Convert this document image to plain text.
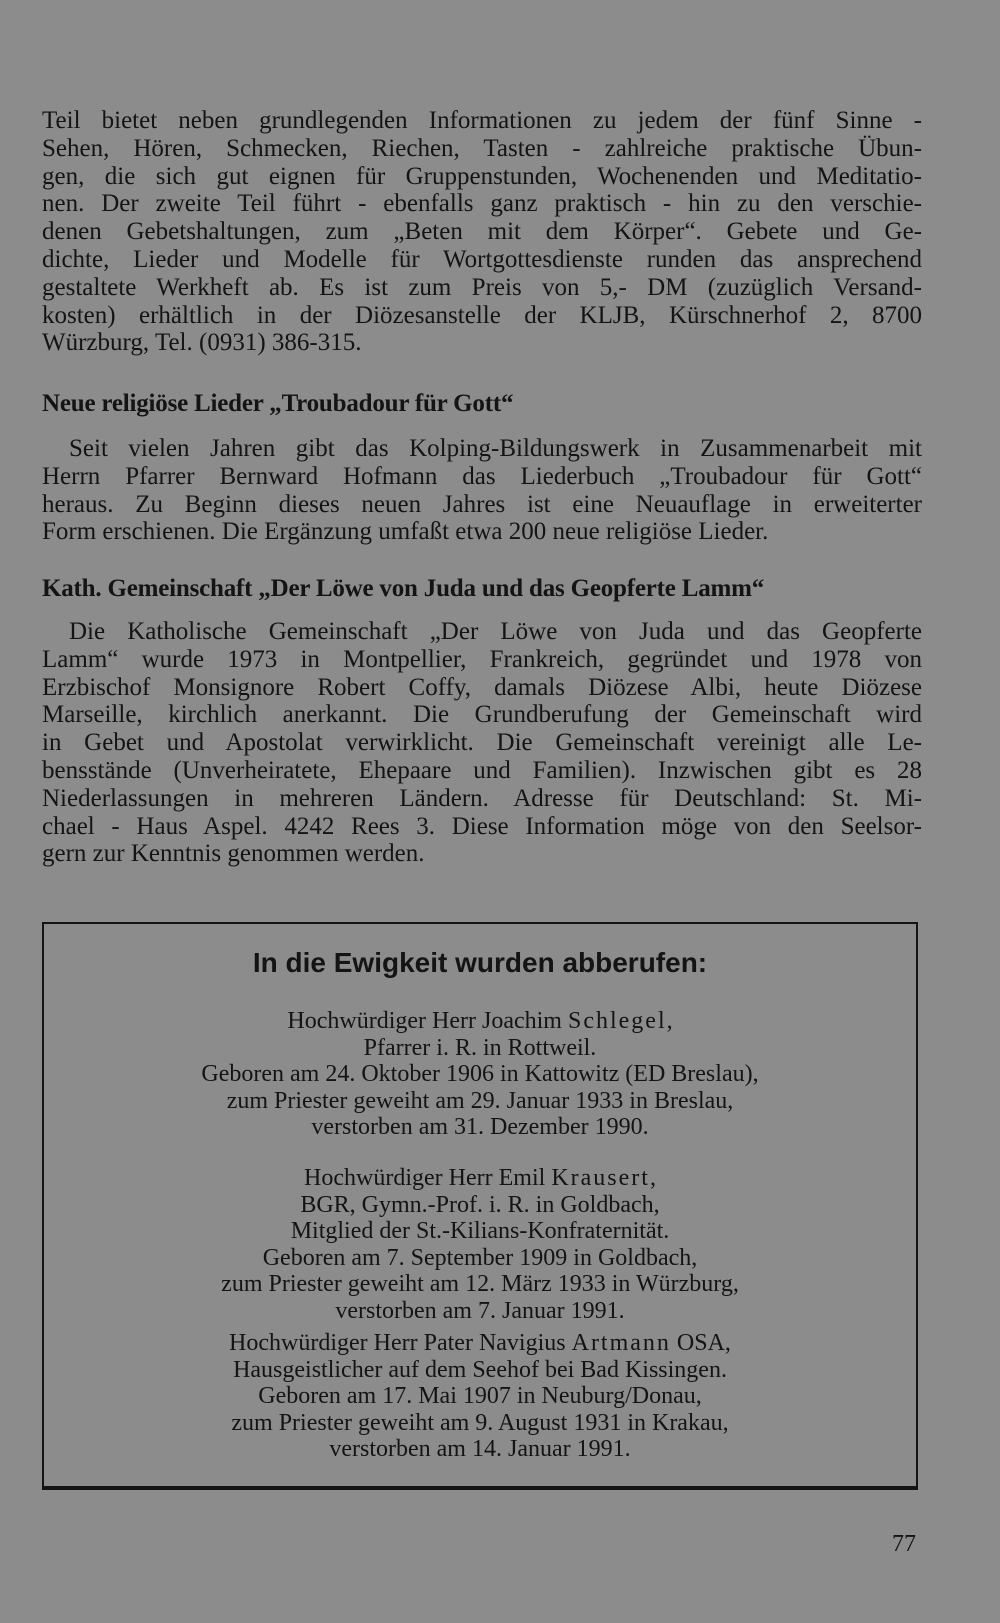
Teil bietet neben grundlegenden Informationen zu jedem der fünf Sinne -
Sehen, Hören, Schmecken, Riechen, Tasten - zahlreiche praktische Übun-
gen, die sich gut eignen für Gruppenstunden, Wochenenden und Meditatio-
nen. Der zweite Teil führt - ebenfalls ganz praktisch - hin zu den verschie-
denen Gebetshaltungen, zum „Beten mit dem Körper“. Gebete und Ge-
dichte, Lieder und Modelle für Wortgottesdienste runden das ansprechend
gestaltete Werkheft ab. Es ist zum Preis von 5,- DM (zuzüglich Versand-
kosten) erhältlich in der Diözesanstelle der KLJB, Kürschnerhof 2, 8700
Würzburg, Tel. (0931) 386-315.
Neue religiöse Lieder „Troubadour für Gott“
Seit vielen Jahren gibt das Kolping-Bildungswerk in Zusammenarbeit mit
Herrn Pfarrer Bernward Hofmann das Liederbuch „Troubadour für Gott“
heraus. Zu Beginn dieses neuen Jahres ist eine Neuauflage in erweiterter
Form erschienen. Die Ergänzung umfaßt etwa 200 neue religiöse Lieder.
Kath. Gemeinschaft „Der Löwe von Juda und das Geopferte Lamm“
Die Katholische Gemeinschaft „Der Löwe von Juda und das Geopferte
Lamm“ wurde 1973 in Montpellier, Frankreich, gegründet und 1978 von
Erzbischof Monsignore Robert Coffy, damals Diözese Albi, heute Diözese
Marseille, kirchlich anerkannt. Die Grundberufung der Gemeinschaft wird
in Gebet und Apostolat verwirklicht. Die Gemeinschaft vereinigt alle Le-
bensstände (Unverheiratete, Ehepaare und Familien). Inzwischen gibt es 28
Niederlassungen in mehreren Ländern. Adresse für Deutschland: St. Mi-
chael - Haus Aspel. 4242 Rees 3. Diese Information möge von den Seelsor-
gern zur Kenntnis genommen werden.
In die Ewigkeit wurden abberufen:
Hochwürdiger Herr Joachim Schlegel,
Pfarrer i. R. in Rottweil.
Geboren am 24. Oktober 1906 in Kattowitz (ED Breslau),
zum Priester geweiht am 29. Januar 1933 in Breslau,
verstorben am 31. Dezember 1990.
Hochwürdiger Herr Emil Krausert,
BGR, Gymn.-Prof. i. R. in Goldbach,
Mitglied der St.-Kilians-Konfraternität.
Geboren am 7. September 1909 in Goldbach,
zum Priester geweiht am 12. März 1933 in Würzburg,
verstorben am 7. Januar 1991.
Hochwürdiger Herr Pater Navigius Artmann OSA,
Hausgeistlicher auf dem Seehof bei Bad Kissingen.
Geboren am 17. Mai 1907 in Neuburg/Donau,
zum Priester geweiht am 9. August 1931 in Krakau,
verstorben am 14. Januar 1991.
77
